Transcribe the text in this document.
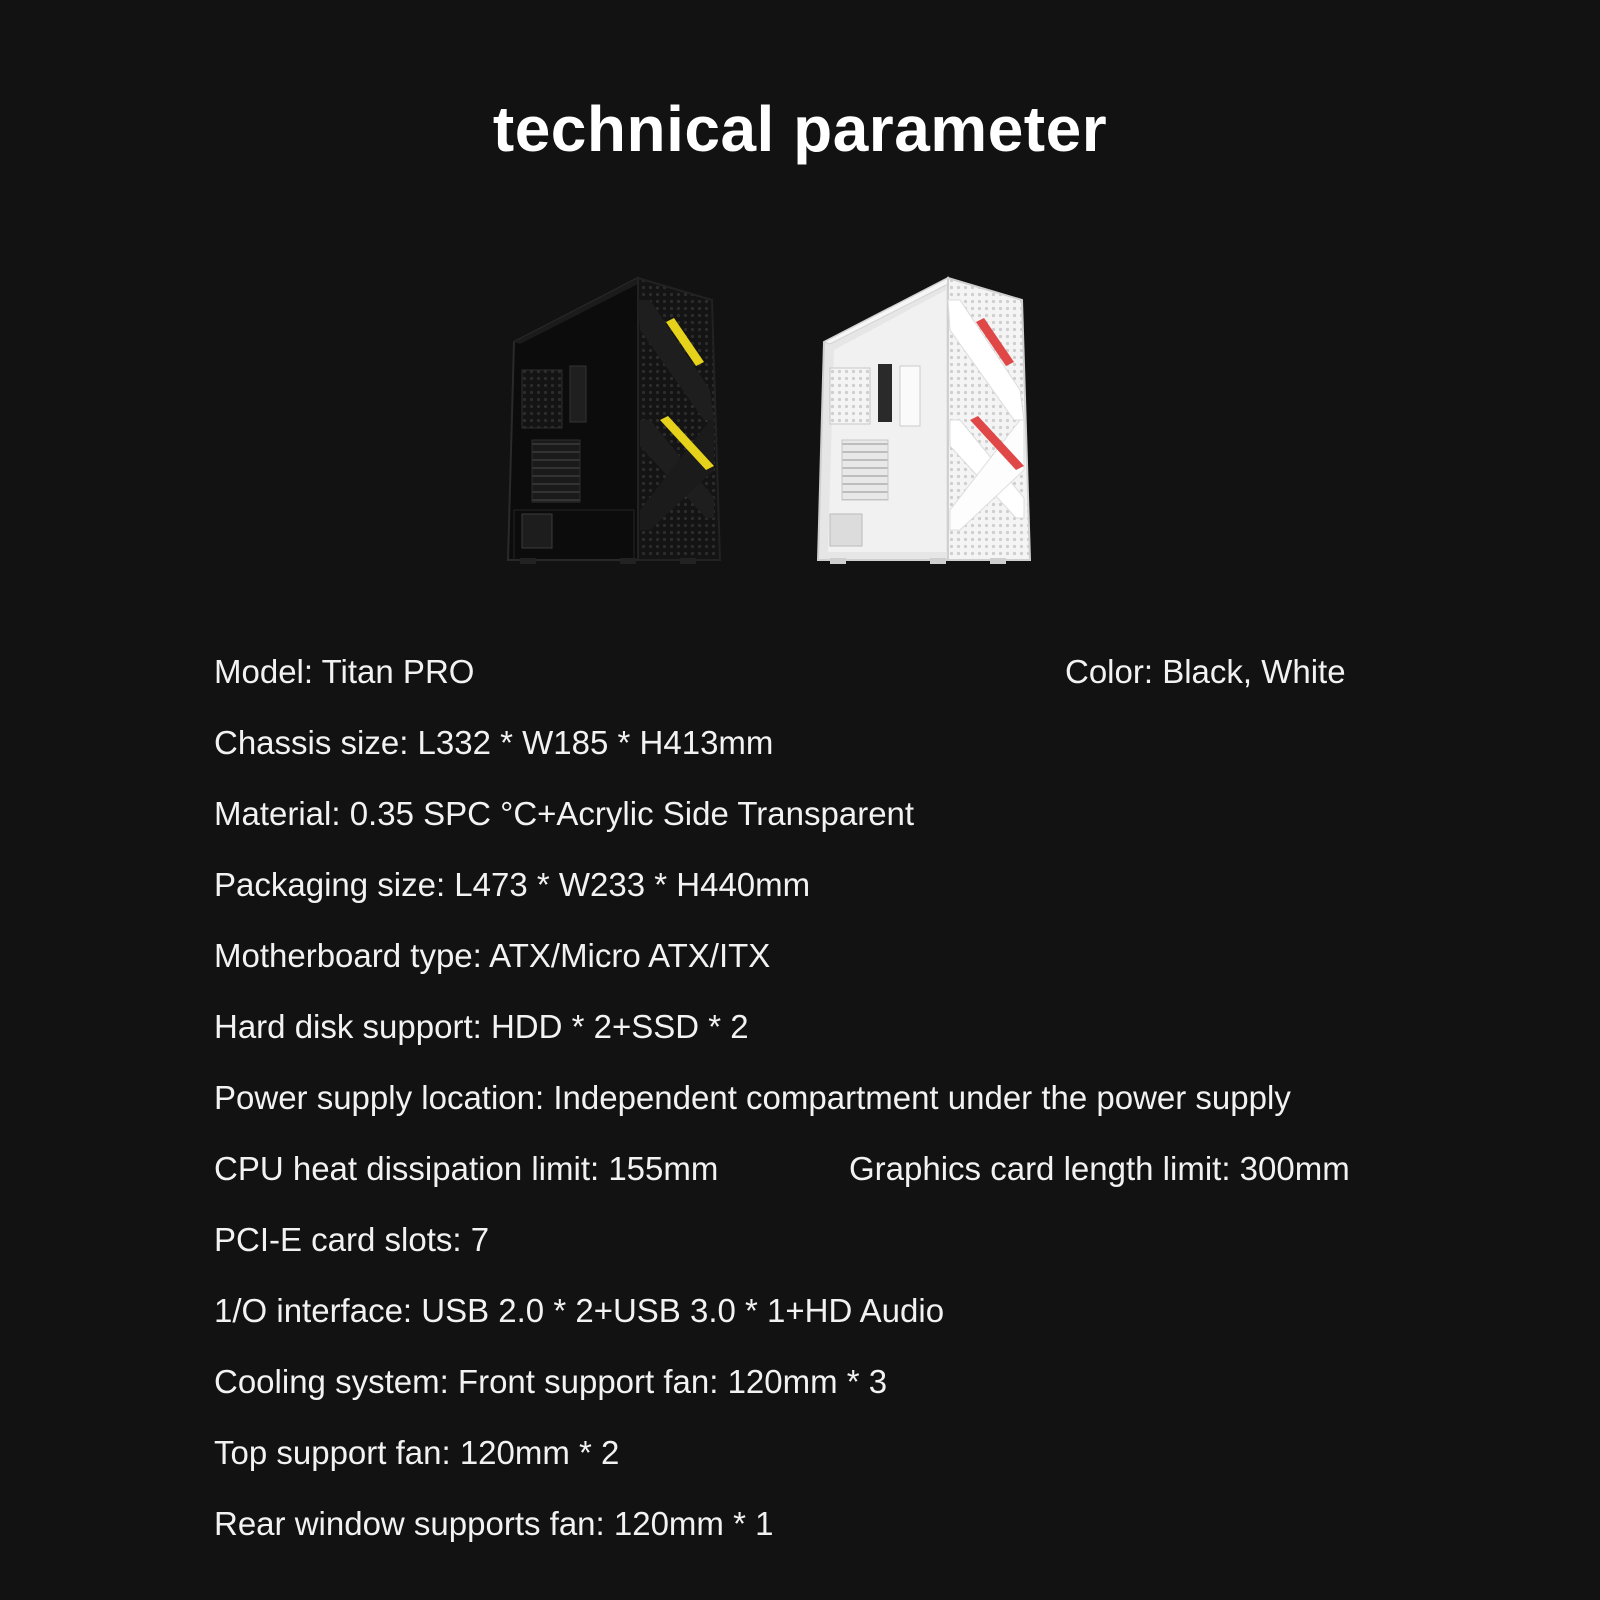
technical parameter
Model: Titan PRO	Color: Black, White
Chassis size: L332 * W185 * H413mm
Material: 0.35 SPC °C+Acrylic Side Transparent
Packaging size: L473 * W233 * H440mm
Motherboard type: ATX/Micro ATX/ITX
Hard disk support: HDD * 2+SSD * 2
Power supply location: Independent compartment under the power supply
CPU heat dissipation limit: 155mm	Graphics card length limit: 300mm
PCI-E card slots: 7
1/O interface: USB 2.0 * 2+USB 3.0 * 1+HD Audio
Cooling system: Front support fan: 120mm * 3
Top support fan: 120mm * 2
Rear window supports fan: 120mm * 1
